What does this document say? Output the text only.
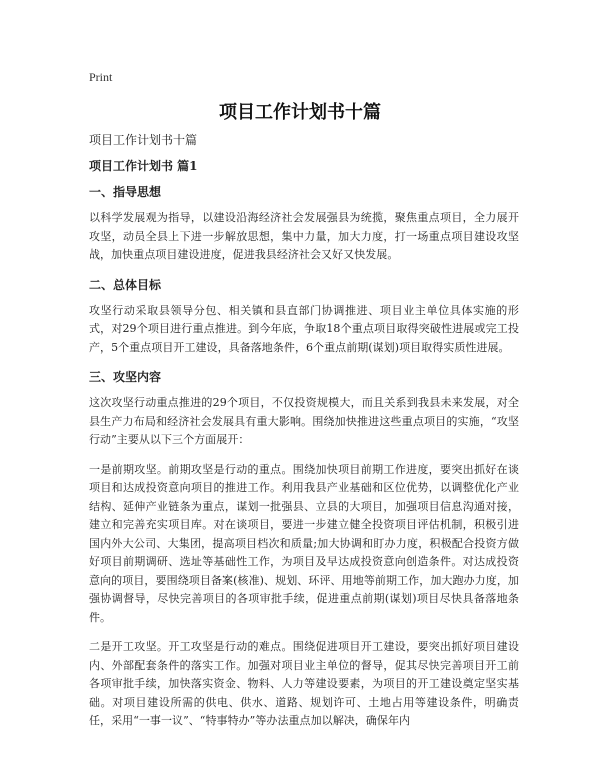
Print
项目工作计划书十篇
项目工作计划书十篇
项目工作计划书 篇1
一、指导思想

以科学发展观为指导，以建设沿海经济社会发展强县为统揽，聚焦重点项目，全力展开攻坚，动员全县上下进一步解放思想，集中力量，加大力度，打一场重点项目建设攻坚战，加快重点项目建设进度，促进我县经济社会又好又快发展。

二、总体目标

攻坚行动采取县领导分包、相关镇和县直部门协调推进、项目业主单位具体实施的形式，对29个项目进行重点推进。到今年底，争取18个重点项目取得突破性进展或完工投产，5个重点项目开工建设，具备落地条件，6个重点前期(谋划)项目取得实质性进展。

三、攻坚内容

这次攻坚行动重点推进的29个项目，不仅投资规模大，而且关系到我县未来发展，对全县生产力布局和经济社会发展具有重大影响。围绕加快推进这些重点项目的实施，“攻坚行动”主要从以下三个方面展开：

一是前期攻坚。前期攻坚是行动的重点。围绕加快项目前期工作进度，要突出抓好在谈项目和达成投资意向项目的推进工作。利用我县产业基础和区位优势，以调整优化产业结构、延伸产业链条为重点，谋划一批强县、立县的大项目，加强项目信息沟通对接，建立和完善充实项目库。对在谈项目，要进一步建立健全投资项目评估机制，积极引进国内外大公司、大集团，提高项目档次和质量;加大协调和盯办力度，积极配合投资方做好项目前期调研、选址等基础性工作，为项目及早达成投资意向创造条件。对达成投资意向的项目，要围绕项目备案(核准)、规划、环评、用地等前期工作，加大跑办力度，加强协调督导，尽快完善项目的各项审批手续，促进重点前期(谋划)项目尽快具备落地条件。

二是开工攻坚。开工攻坚是行动的难点。围绕促进项目开工建设，要突出抓好项目建设内、外部配套条件的落实工作。加强对项目业主单位的督导，促其尽快完善项目开工前各项审批手续，加快落实资金、物料、人力等建设要素，为项目的开工建设奠定坚实基础。对项目建设所需的供电、供水、道路、规划许可、土地占用等建设条件，明确责任，采用“一事一议”、“特事特办”等办法重点加以解决，确保年内
